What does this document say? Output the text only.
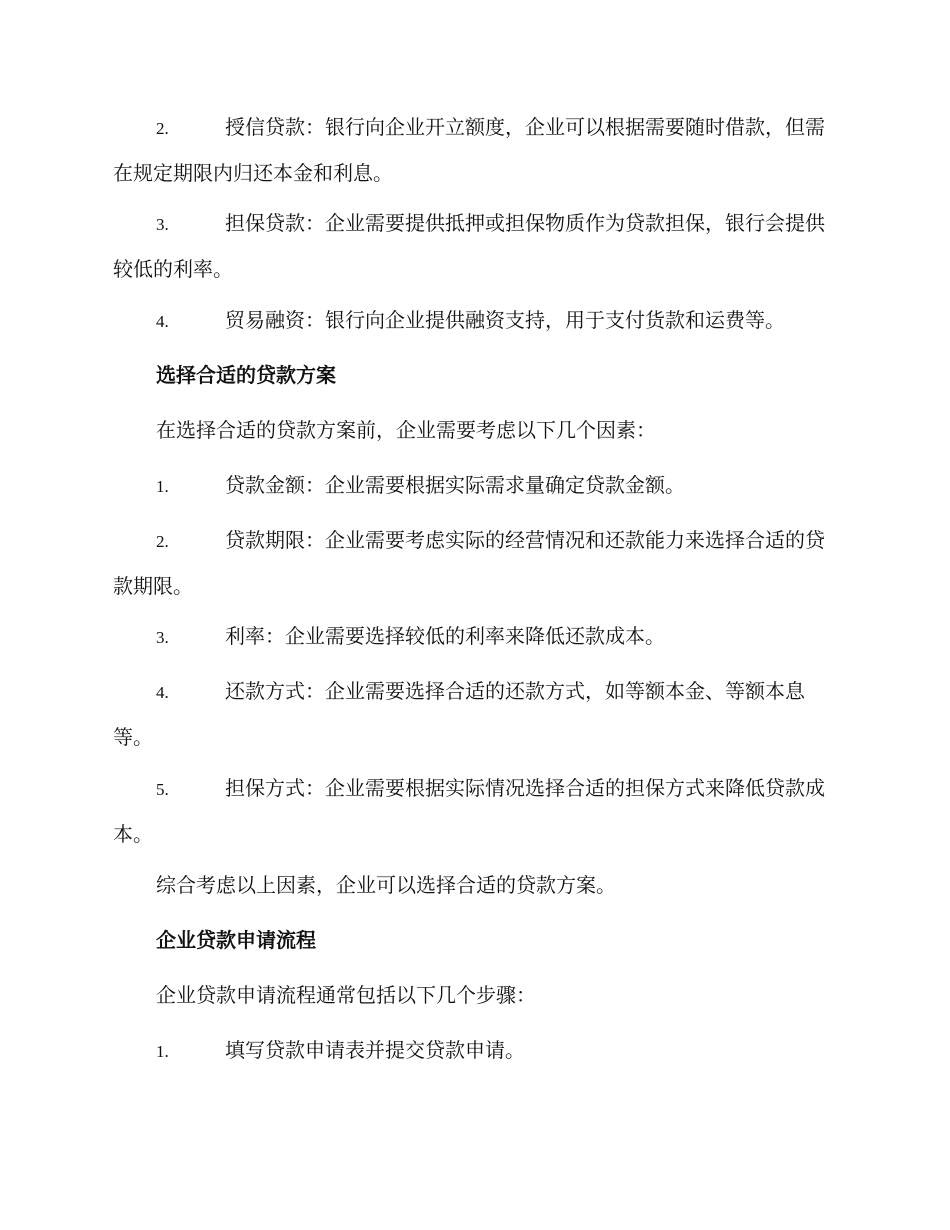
2.	授信贷款：银行向企业开立额度，企业可以根据需要随时借款，但需在规定期限内归还本金和利息。

3.	担保贷款：企业需要提供抵押或担保物质作为贷款担保，银行会提供较低的利率。

4.	贸易融资：银行向企业提供融资支持，用于支付货款和运费等。

选择合适的贷款方案

在选择合适的贷款方案前，企业需要考虑以下几个因素：

1.	贷款金额：企业需要根据实际需求量确定贷款金额。

2.	贷款期限：企业需要考虑实际的经营情况和还款能力来选择合适的贷款期限。

3.	利率：企业需要选择较低的利率来降低还款成本。

4.	还款方式：企业需要选择合适的还款方式，如等额本金、等额本息等。

5.	担保方式：企业需要根据实际情况选择合适的担保方式来降低贷款成本。

综合考虑以上因素，企业可以选择合适的贷款方案。

企业贷款申请流程

企业贷款申请流程通常包括以下几个步骤：

1.	填写贷款申请表并提交贷款申请。
